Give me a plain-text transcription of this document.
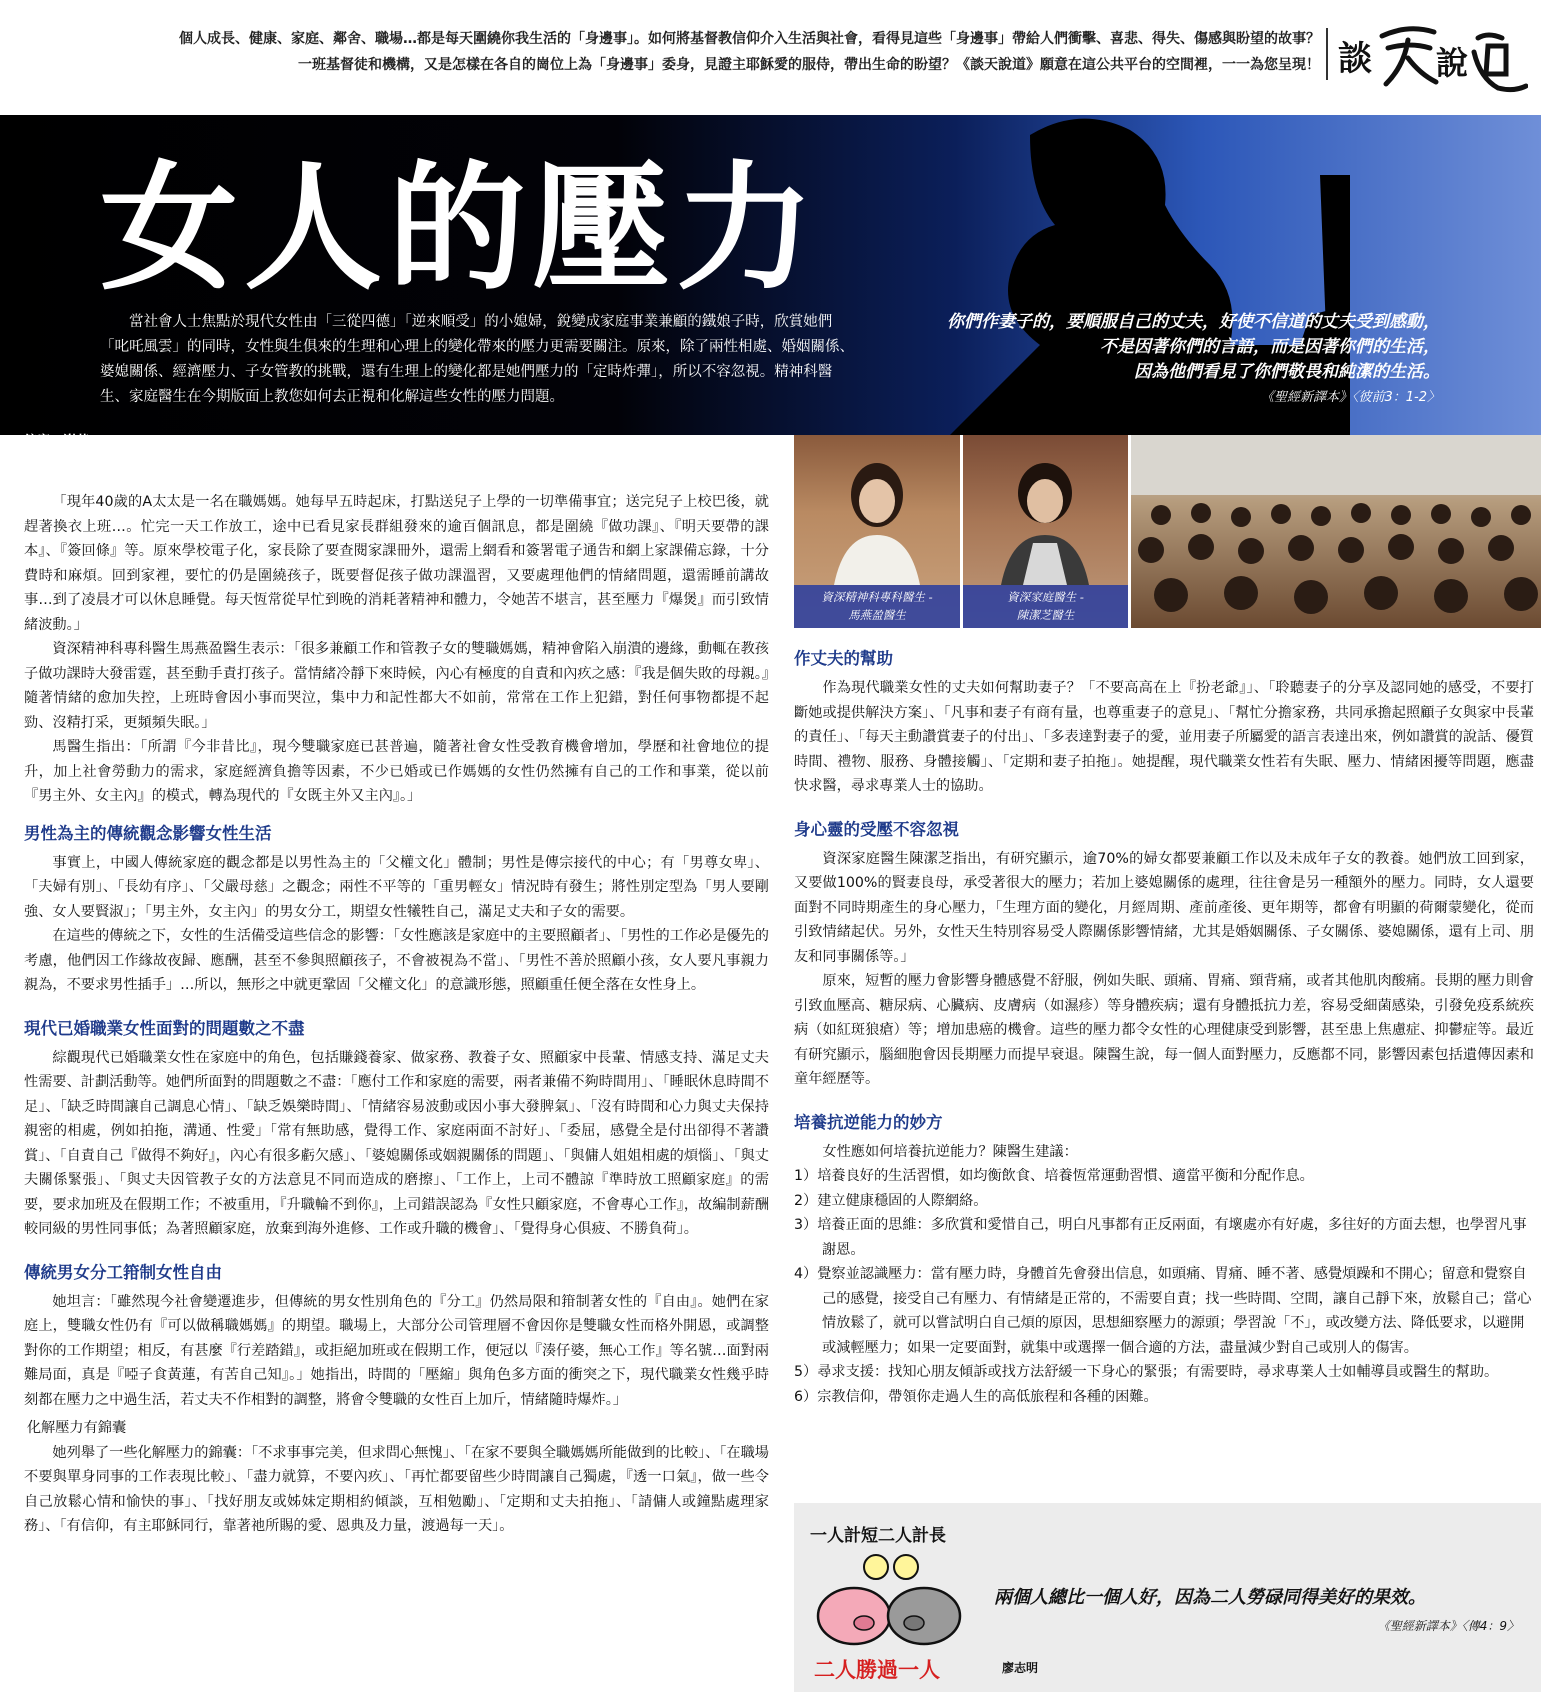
個人成長、健康、家庭、鄰舍、職場…都是每天圍繞你我生活的「身邊事」。如何將基督教信仰介入生活與社會，看得見這些「身邊事」帶給人們衝擊、喜悲、得失、傷感與盼望的故事？
一班基督徒和機構，又是怎樣在各自的崗位上為「身邊事」委身，見證主耶穌愛的服侍，帶出生命的盼望？《談天說道》願意在這公共平台的空間裡，一一為您呈現！ 談 說
女人的壓力
當社會人士焦點於現代女性由「三從四德」「逆來順受」的小媳婦，銳變成家庭事業兼顧的鐵娘子時，欣賞她們「叱吒風雲」的同時，女性與生俱來的生理和心理上的變化帶來的壓力更需要關注。原來，除了兩性相處、婚姻關係、婆媳關係、經濟壓力、子女管教的挑戰，還有生理上的變化都是她們壓力的「定時炸彈」，所以不容忽視。精神科醫生、家庭醫生在今期版面上教您如何去正視和化解這些女性的壓力問題。
你們作妻子的，要順服自己的丈夫，好使不信道的丈夫受到感動，
不是因著你們的言語，而是因著你們的生活，
因為他們看見了你們敬畏和純潔的生活。
《聖經新譯本》〈彼前3：1-2〉
編寫：謝芳
資深精神科專科醫生 -
馬燕盈醫生
資深家庭醫生 -
陳潔芝醫生

「現年40歲的A太太是一名在職媽媽。她每早五時起床，打點送兒子上學的一切準備事宜；送完兒子上校巴後，就趕著換衣上班…。忙完一天工作放工，途中已看見家長群組發來的逾百個訊息，都是圍繞『做功課』、『明天要帶的課本』、『簽回條』等。原來學校電子化，家長除了要查閱家課冊外，還需上網看和簽署電子通告和網上家課備忘錄，十分費時和麻煩。回到家裡，要忙的仍是圍繞孩子，既要督促孩子做功課溫習，又要處理他們的情緒問題，還需睡前講故事…到了凌晨才可以休息睡覺。每天恆常從早忙到晚的消耗著精神和體力，令她苦不堪言，甚至壓力『爆煲』而引致情緒波動。」

資深精神科專科醫生馬燕盈醫生表示：「很多兼顧工作和管教子女的雙職媽媽，精神會陷入崩潰的邊緣，動輒在教孩子做功課時大發雷霆，甚至動手責打孩子。當情緒冷靜下來時候，內心有極度的自責和內疚之感：『我是個失敗的母親。』隨著情緒的愈加失控，上班時會因小事而哭泣，集中力和記性都大不如前，常常在工作上犯錯，對任何事物都提不起勁、沒精打采，更頻頻失眠。」

馬醫生指出：「所謂『今非昔比』，現今雙職家庭已甚普遍，隨著社會女性受教育機會增加，學歷和社會地位的提升，加上社會勞動力的需求，家庭經濟負擔等因素，不少已婚或已作媽媽的女性仍然擁有自己的工作和事業，從以前『男主外、女主內』的模式，轉為現代的『女既主外又主內』。」

男性為主的傳統觀念影響女性生活

事實上，中國人傳統家庭的觀念都是以男性為主的「父權文化」體制；男性是傳宗接代的中心；有「男尊女卑」、「夫婦有別」、「長幼有序」、「父嚴母慈」之觀念；兩性不平等的「重男輕女」情況時有發生；將性別定型為「男人要剛強、女人要賢淑」；「男主外，女主內」的男女分工，期望女性犧牲自己，滿足丈夫和子女的需要。

在這些的傳統之下，女性的生活備受這些信念的影響：「女性應該是家庭中的主要照顧者」、「男性的工作必是優先的考慮，他們因工作緣故夜歸、應酬，甚至不參與照顧孩子，不會被視為不當」、「男性不善於照顧小孩，女人要凡事親力親為，不要求男性插手」…所以，無形之中就更鞏固「父權文化」的意識形態，照顧重任便全落在女性身上。

現代已婚職業女性面對的問題數之不盡

綜觀現代已婚職業女性在家庭中的角色，包括賺錢養家、做家務、教養子女、照顧家中長輩、情感支持、滿足丈夫性需要、計劃活動等。她們所面對的問題數之不盡：「應付工作和家庭的需要，兩者兼備不夠時間用」、「睡眠休息時間不足」、「缺乏時間讓自己調息心情」、「缺乏娛樂時間」、「情緒容易波動或因小事大發脾氣」、「沒有時間和心力與丈夫保持親密的相處，例如拍拖，溝通、性愛」「常有無助感，覺得工作、家庭兩面不討好」、「委屈，感覺全是付出卻得不著讚賞」、「自責自己『做得不夠好』，內心有很多虧欠感」、「婆媳關係或姻親關係的問題」、「與傭人姐姐相處的煩惱」、「與丈夫關係緊張」、「與丈夫因管教子女的方法意見不同而造成的磨擦」、「工作上，上司不體諒『準時放工照顧家庭』的需要，要求加班及在假期工作；不被重用，『升職輪不到你』，上司錯誤認為『女性只顧家庭，不會專心工作』，故編制薪酬較同級的男性同事低；為著照顧家庭，放棄到海外進修、工作或升職的機會」、「覺得身心俱疲、不勝負荷」。

傳統男女分工箝制女性自由

她坦言：「雖然現今社會變遷進步，但傳統的男女性別角色的『分工』仍然局限和箝制著女性的『自由』。她們在家庭上，雙職女性仍有『可以做稱職媽媽』的期望。職場上，大部分公司管理層不會因你是雙職女性而格外開恩，或調整對你的工作期望；相反，有甚麼『行差踏錯』，或拒絕加班或在假期工作，便冠以『湊仔婆，無心工作』等名號…面對兩難局面，真是『啞子食黃蓮，有苦自己知』。」她指出，時間的「壓縮」與角色多方面的衝突之下，現代職業女性幾乎時刻都在壓力之中過生活，若丈夫不作相對的調整，將會令雙職的女性百上加斤，情緒隨時爆炸。」

化解壓力有錦囊

她列舉了一些化解壓力的錦囊：「不求事事完美，但求問心無愧」、「在家不要與全職媽媽所能做到的比較」、「在職場不要與單身同事的工作表現比較」、「盡力就算，不要內疚」、「再忙都要留些少時間讓自己獨處，『透一口氣』，做一些令自己放鬆心情和愉快的事」、「找好朋友或姊妹定期相約傾談，互相勉勵」、「定期和丈夫拍拖」、「請傭人或鐘點處理家務」、「有信仰，有主耶穌同行，靠著祂所賜的愛、恩典及力量，渡過每一天」。

作丈夫的幫助

作為現代職業女性的丈夫如何幫助妻子？「不要高高在上『扮老爺』」、「聆聽妻子的分享及認同她的感受，不要打斷她或提供解決方案」、「凡事和妻子有商有量，也尊重妻子的意見」、「幫忙分擔家務，共同承擔起照顧子女與家中長輩的責任」、「每天主動讚賞妻子的付出」、「多表達對妻子的愛，並用妻子所屬愛的語言表達出來，例如讚賞的說話、優質時間、禮物、服務、身體接觸」、「定期和妻子拍拖」。她提醒，現代職業女性若有失眠、壓力、情緒困擾等問題，應盡快求醫，尋求專業人士的協助。

身心靈的受壓不容忽視

資深家庭醫生陳潔芝指出，有研究顯示，逾70%的婦女都要兼顧工作以及未成年子女的教養。她們放工回到家，又要做100%的賢妻良母，承受著很大的壓力；若加上婆媳關係的處理，往往會是另一種額外的壓力。同時，女人還要面對不同時期產生的身心壓力，「生理方面的變化，月經周期、產前產後、更年期等，都會有明顯的荷爾蒙變化，從而引致情緒起伏。另外，女性天生特別容易受人際關係影響情緒，尤其是婚姻關係、子女關係、婆媳關係，還有上司、朋友和同事關係等。」

原來，短暫的壓力會影響身體感覺不舒服，例如失眠、頭痛、胃痛、頸背痛，或者其他肌肉酸痛。長期的壓力則會引致血壓高、糖尿病、心臟病、皮膚病（如濕疹）等身體疾病；還有身體抵抗力差，容易受細菌感染，引發免疫系統疾病（如紅斑狼瘡）等；增加患癌的機會。這些的壓力都令女性的心理健康受到影響，甚至患上焦慮症、抑鬱症等。最近有研究顯示，腦細胞會因長期壓力而提早衰退。陳醫生說，每一個人面對壓力，反應都不同，影響因素包括遺傳因素和童年經歷等。

培養抗逆能力的妙方

女性應如何培養抗逆能力？陳醫生建議：

1）培養良好的生活習慣，如均衡飲食、培養恆常運動習慣、適當平衡和分配作息。
2）建立健康穩固的人際網絡。
3）培養正面的思維：多欣賞和愛惜自己，明白凡事都有正反兩面，有壞處亦有好處，多往好的方面去想，也學習凡事謝恩。
4）覺察並認識壓力：當有壓力時，身體首先會發出信息，如頭痛、胃痛、睡不著、感覺煩躁和不開心；留意和覺察自己的感覺，接受自己有壓力、有情緒是正常的，不需要自責；找一些時間、空間，讓自己靜下來，放鬆自己；當心情放鬆了，就可以嘗試明白自己煩的原因，思想細察壓力的源頭；學習說「不」，或改變方法、降低要求，以避開或減輕壓力；如果一定要面對，就集中或選擇一個合適的方法，盡量減少對自己或別人的傷害。
5）尋求支援：找知心朋友傾訴或找方法舒緩一下身心的緊張；有需要時，尋求專業人士如輔導員或醫生的幫助。
6）宗教信仰，帶領你走過人生的高低旅程和各種的困難。
一人計短二人計長
二人勝過一人
兩個人總比一個人好，因為二人勞碌同得美好的果效。
《聖經新譯本》〈傳4：9〉
廖志明
